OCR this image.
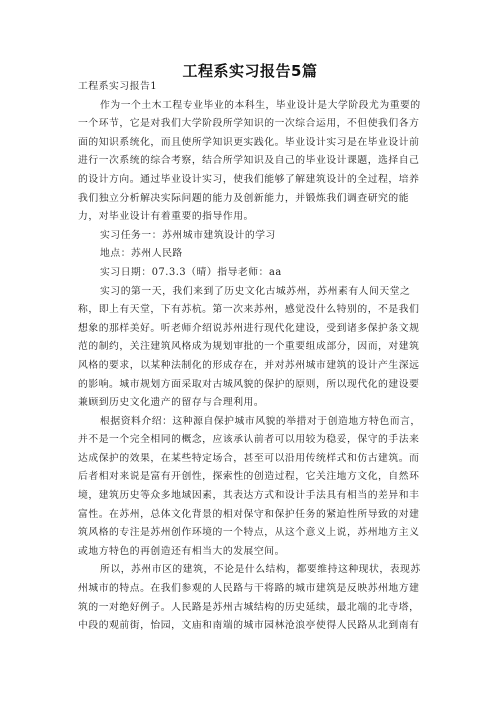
工程系实习报告5篇

工程系实习报告1

作为一个土木工程专业毕业的本科生，毕业设计是大学阶段尤为重要的一个环节，它是对我们大学阶段所学知识的一次综合运用，不但使我们各方面的知识系统化，而且使所学知识更实践化。毕业设计实习是在毕业设计前进行一次系统的综合考察，结合所学知识及自己的毕业设计课题，选择自己的设计方向。通过毕业设计实习，使我们能够了解建筑设计的全过程，培养我们独立分析解决实际问题的能力及创新能力，并锻炼我们调查研究的能力，对毕业设计有着重要的指导作用。

实习任务一：苏州城市建筑设计的学习

地点：苏州人民路

实习日期：07.3.3（晴）指导老师：aa

实习的第一天，我们来到了历史文化古城苏州，苏州素有人间天堂之称，即上有天堂，下有苏杭。第一次来苏州，感觉没什么特别的，不是我们想象的那样美好。听老师介绍说苏州进行现代化建设，受到诸多保护条文规范的制约，关注建筑风格成为规划审批的一个重要组成部分，因而，对建筑风格的要求，以某种法制化的形成存在，并对苏州城市建筑的设计产生深远的影响。城市规划方面采取对古城风貌的保护的原则，所以现代化的建设要兼顾到历史文化遗产的留存与合理利用。

根据资料介绍：这种源自保护城市风貌的举措对于创造地方特色而言，并不是一个完全相同的概念，应该承认前者可以用较为稳妥，保守的手法来达成保护的效果，在某些特定场合，甚至可以沿用传统样式和仿古建筑。而后者相对来说是富有开创性，探索性的创造过程，它关注地方文化，自然环境，建筑历史等众多地域因素，其表达方式和设计手法具有相当的差异和丰富性。在苏州，总体文化背景的相对保守和保护任务的紧迫性所导致的对建筑风格的专注是苏州创作环境的一个特点，从这个意义上说，苏州地方主义或地方特色的再创造还有相当大的发展空间。

所以，苏州市区的建筑，不论是什么结构，都要维持这种现状，表现苏州城市的特点。在我们参观的人民路与干将路的城市建筑是反映苏州地方建筑的一对绝好例子。人民路是苏州古城结构的历史延续，最北端的北寺塔，中段的观前街，怡园，文庙和南端的城市园林沧浪亭使得人民路从北到南有
